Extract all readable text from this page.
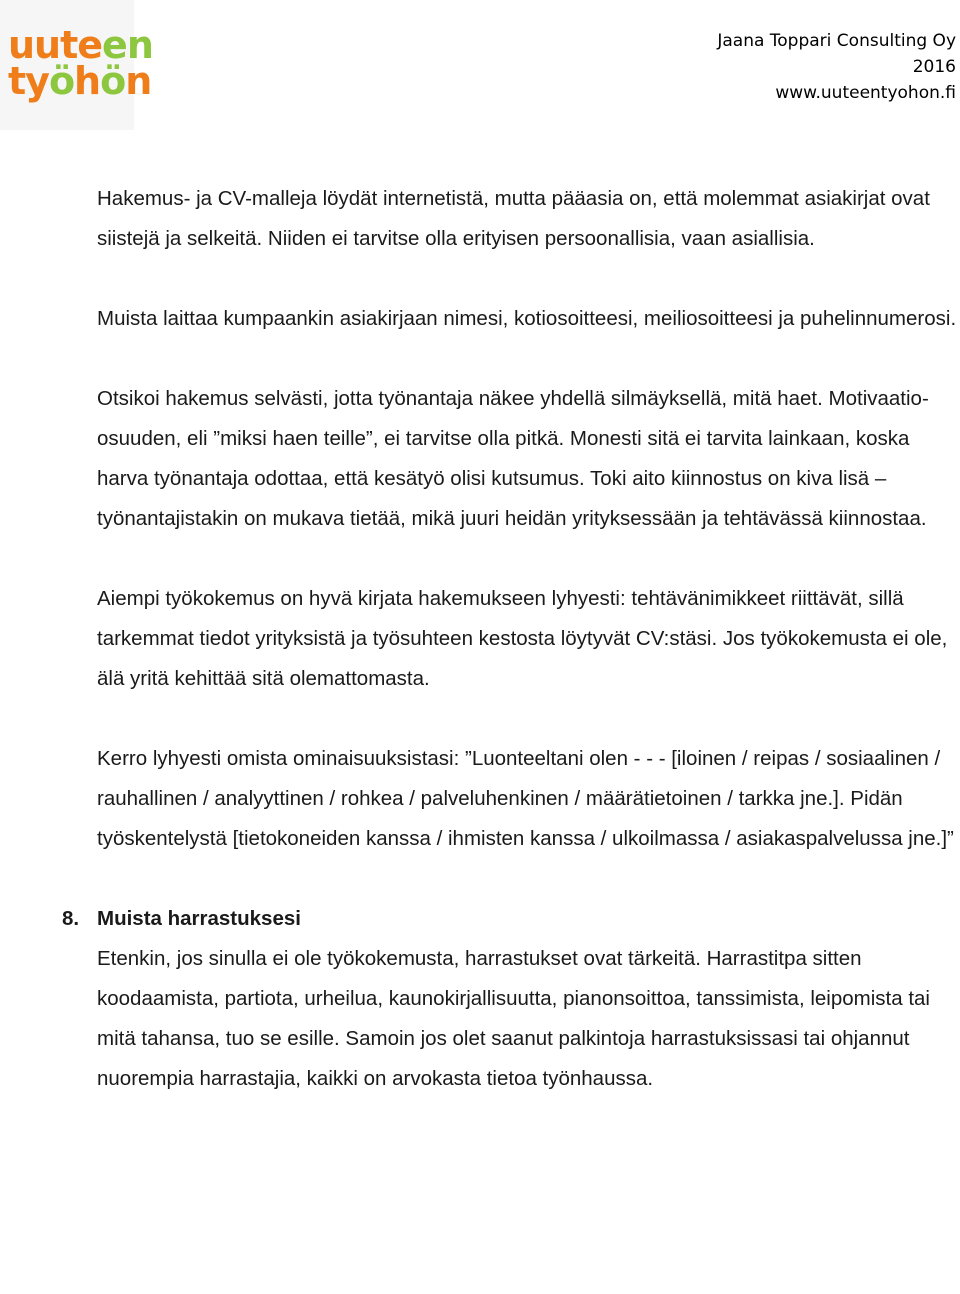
uuteen
työhön
Jaana Toppari Consulting Oy
2016
www.uuteentyohon.fi

Hakemus- ja CV-malleja löydät internetistä, mutta pääasia on, että molemmat asiakirjat ovat siistejä ja selkeitä. Niiden ei tarvitse olla erityisen persoonallisia, vaan asiallisia.

Muista laittaa kumpaankin asiakirjaan nimesi, kotiosoitteesi, meiliosoitteesi ja puhelinnumerosi.

Otsikoi hakemus selvästi, jotta työnantaja näkee yhdellä silmäyksellä, mitä haet. Motivaatio-osuuden, eli ”miksi haen teille”, ei tarvitse olla pitkä. Monesti sitä ei tarvita lainkaan, koska harva työnantaja odottaa, että kesätyö olisi kutsumus. Toki aito kiinnostus on kiva lisä – työnantajistakin on mukava tietää, mikä juuri heidän yrityksessään ja tehtävässä kiinnostaa.

Aiempi työkokemus on hyvä kirjata hakemukseen lyhyesti: tehtävänimikkeet riittävät, sillä tarkemmat tiedot yrityksistä ja työsuhteen kestosta löytyvät CV:stäsi. Jos työkokemusta ei ole, älä yritä kehittää sitä olemattomasta.

Kerro lyhyesti omista ominaisuuksistasi: ”Luonteeltani olen - - - [iloinen / reipas / sosiaalinen / rauhallinen / analyyttinen / rohkea / palveluhenkinen / määrätietoinen / tarkka jne.]. Pidän työskentelystä [tietokoneiden kanssa / ihmisten kanssa / ulkoilmassa / asiakaspalvelussa jne.]”

8. Muista harrastuksesi

Etenkin, jos sinulla ei ole työkokemusta, harrastukset ovat tärkeitä. Harrastitpa sitten koodaamista, partiota, urheilua, kaunokirjallisuutta, pianonsoittoa, tanssimista, leipomista tai mitä tahansa, tuo se esille. Samoin jos olet saanut palkintoja harrastuksissasi tai ohjannut nuorempia harrastajia, kaikki on arvokasta tietoa työnhaussa.
